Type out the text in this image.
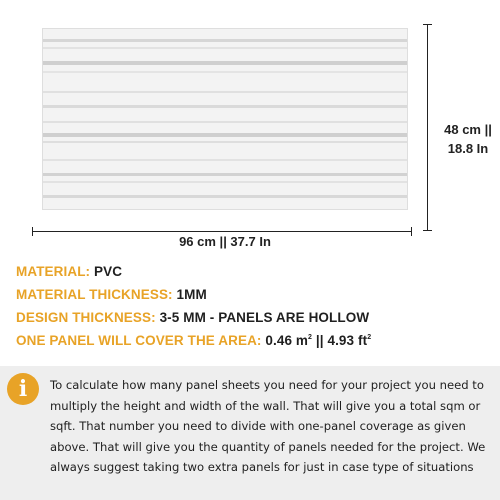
96 cm || 37.7 In
48 cm ||
18.8 In
MATERIAL: PVC
MATERIAL THICKNESS: 1MM
DESIGN THICKNESS: 3-5 MM - PANELS ARE HOLLOW
ONE PANEL WILL COVER THE AREA: 0.46 $m^2$ || 4.93 $ft^2$
i	To calculate how many panel sheets you need for your project you need to multiply the height and width of the wall. That will give you a total sqm or sqft. That number you need to divide with one-panel coverage as given above. That will give you the quantity of panels needed for the project. We always suggest taking two extra panels for just in case type of situations
